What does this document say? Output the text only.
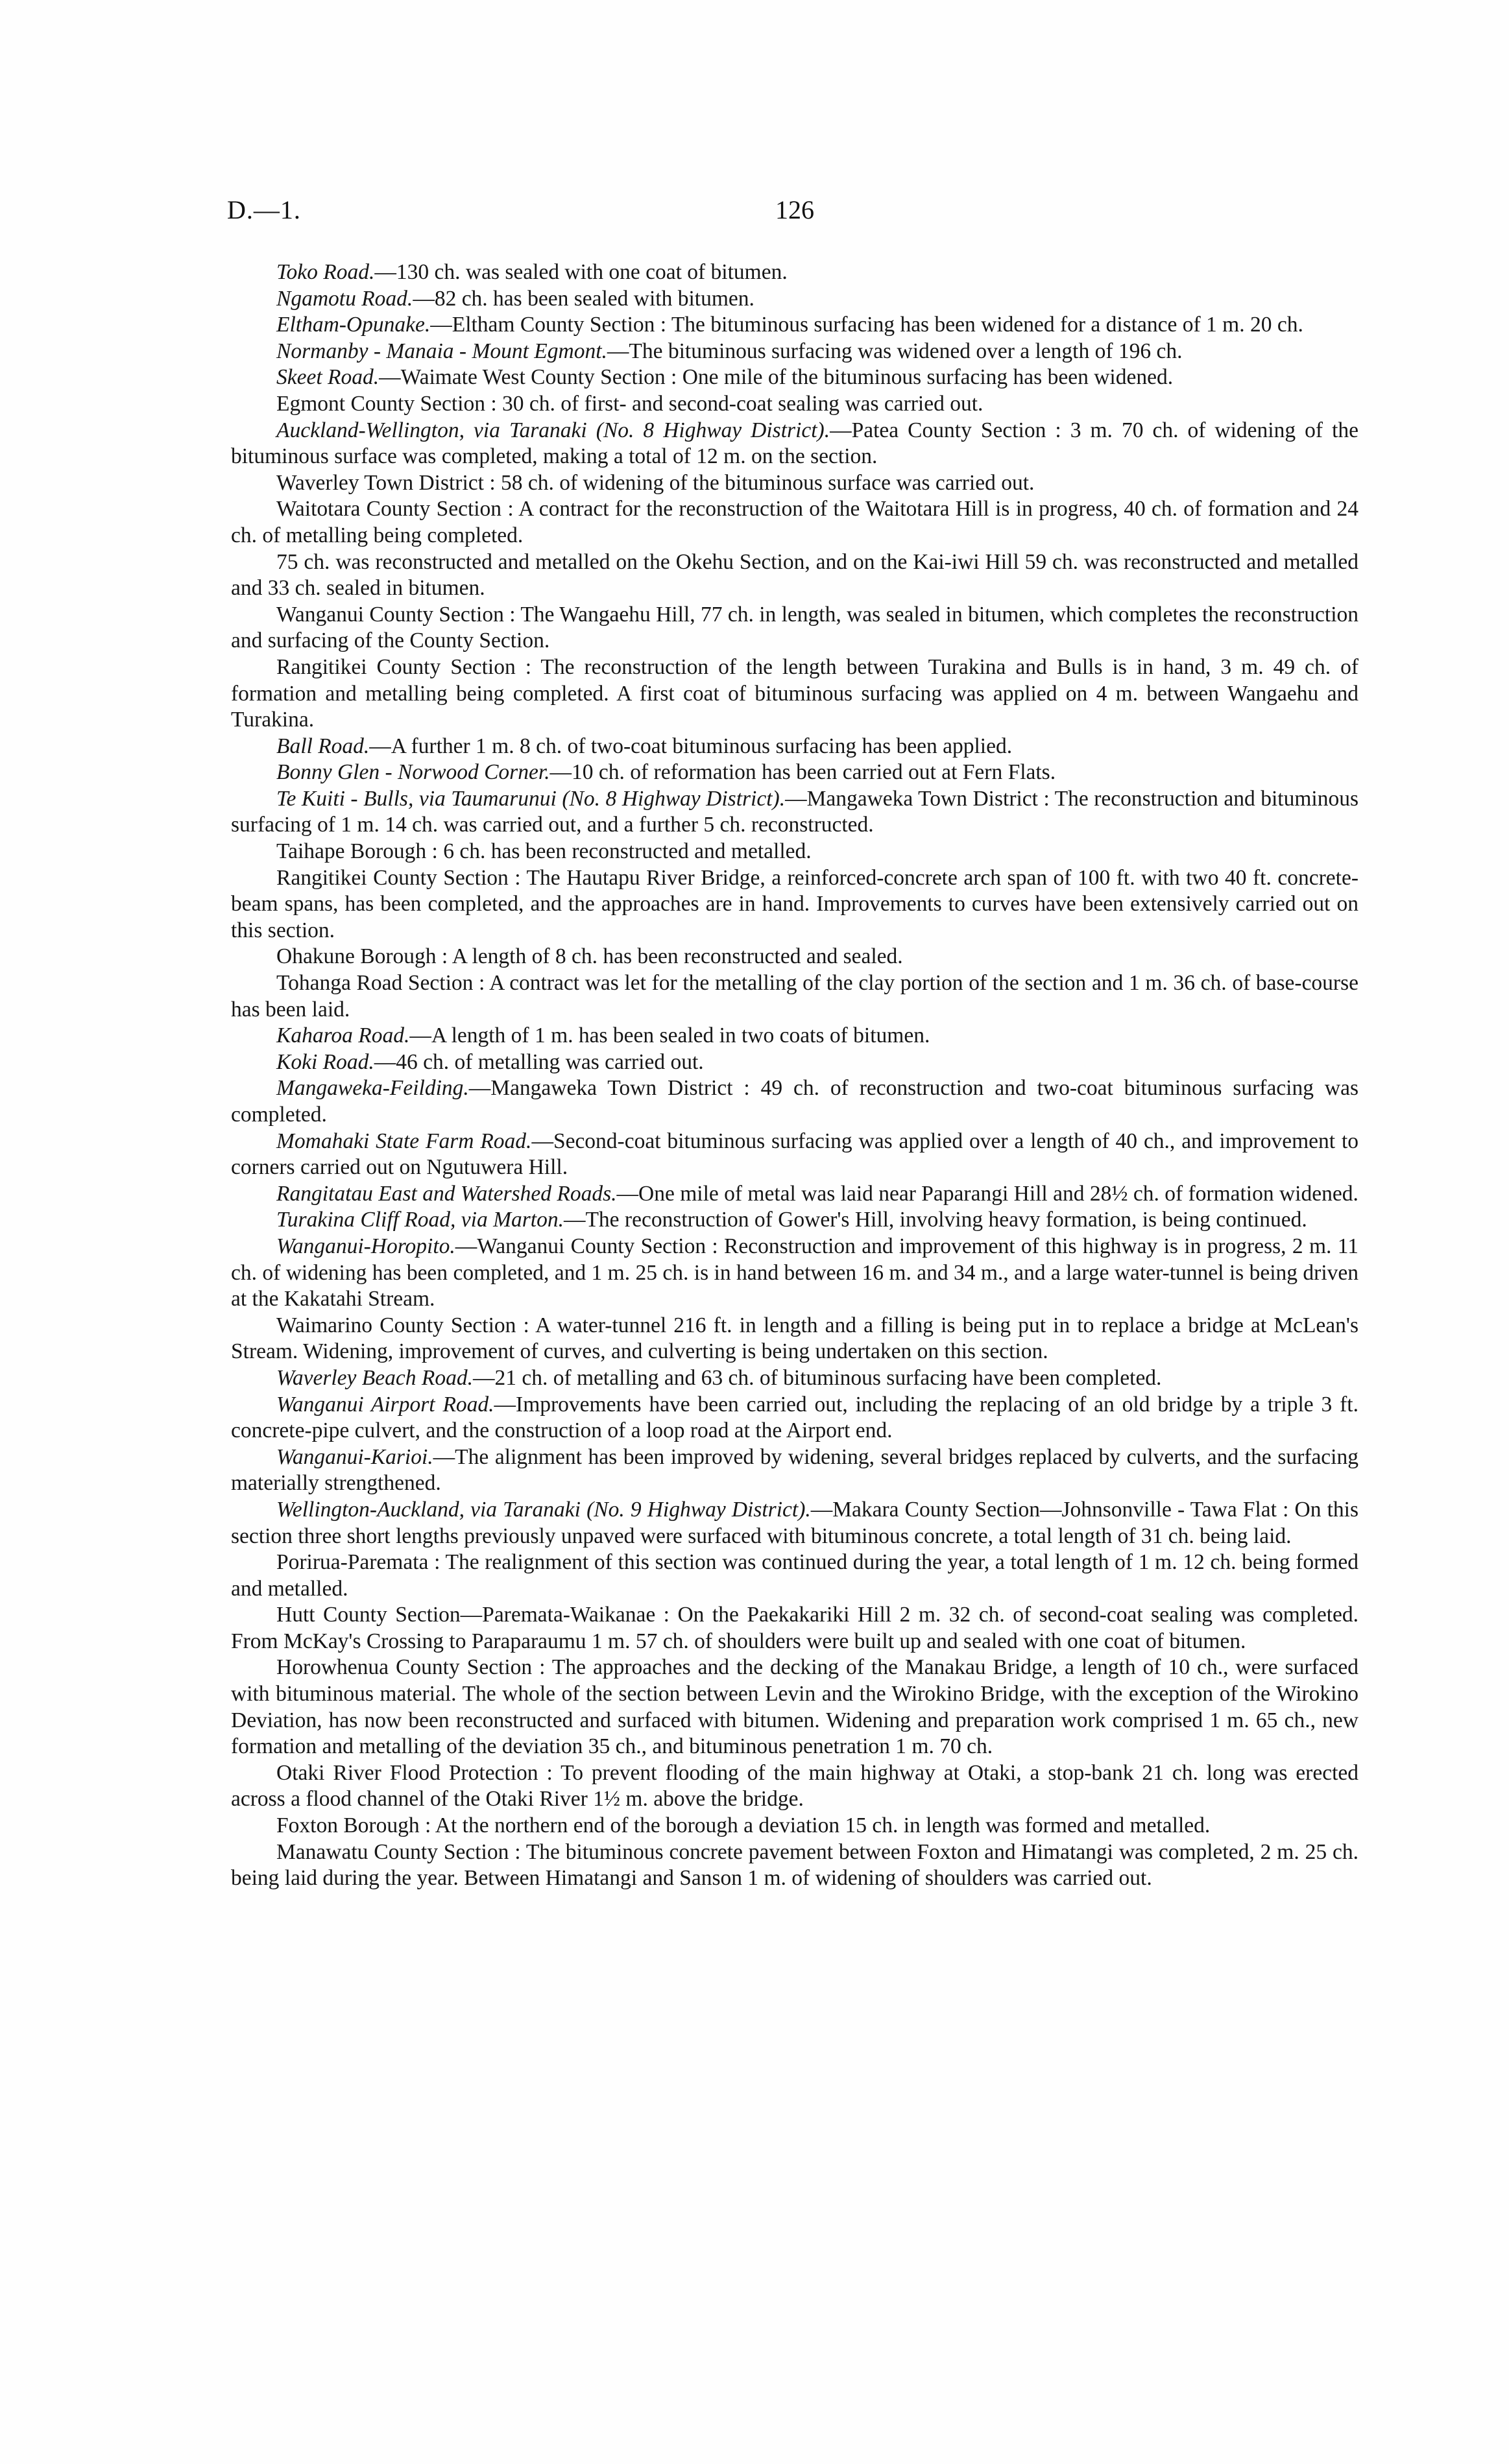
D.—1.	126

Toko Road.—130 ch. was sealed with one coat of bitumen.

Ngamotu Road.—82 ch. has been sealed with bitumen.

Eltham-Opunake.—Eltham County Section : The bituminous surfacing has been widened for a distance of 1 m. 20 ch.

Normanby - Manaia - Mount Egmont.—The bituminous surfacing was widened over a length of 196 ch.

Skeet Road.—Waimate West County Section : One mile of the bituminous surfacing has been widened.

Egmont County Section : 30 ch. of first- and second-coat sealing was carried out.

Auckland-Wellington, via Taranaki (No. 8 Highway District).—Patea County Section : 3 m. 70 ch. of widening of the bituminous surface was completed, making a total of 12 m. on the section.

Waverley Town District : 58 ch. of widening of the bituminous surface was carried out.

Waitotara County Section : A contract for the reconstruction of the Waitotara Hill is in progress, 40 ch. of formation and 24 ch. of metalling being completed.

75 ch. was reconstructed and metalled on the Okehu Section, and on the Kai-iwi Hill 59 ch. was reconstructed and metalled and 33 ch. sealed in bitumen.

Wanganui County Section : The Wangaehu Hill, 77 ch. in length, was sealed in bitumen, which completes the reconstruction and surfacing of the County Section.

Rangitikei County Section : The reconstruction of the length between Turakina and Bulls is in hand, 3 m. 49 ch. of formation and metalling being completed. A first coat of bituminous surfacing was applied on 4 m. between Wangaehu and Turakina.

Ball Road.—A further 1 m. 8 ch. of two-coat bituminous surfacing has been applied.

Bonny Glen - Norwood Corner.—10 ch. of reformation has been carried out at Fern Flats.

Te Kuiti - Bulls, via Taumarunui (No. 8 Highway District).—Mangaweka Town District : The reconstruction and bituminous surfacing of 1 m. 14 ch. was carried out, and a further 5 ch. reconstructed.

Taihape Borough : 6 ch. has been reconstructed and metalled.

Rangitikei County Section : The Hautapu River Bridge, a reinforced-concrete arch span of 100 ft. with two 40 ft. concrete-beam spans, has been completed, and the approaches are in hand. Improvements to curves have been extensively carried out on this section.

Ohakune Borough : A length of 8 ch. has been reconstructed and sealed.

Tohanga Road Section : A contract was let for the metalling of the clay portion of the section and 1 m. 36 ch. of base-course has been laid.

Kaharoa Road.—A length of 1 m. has been sealed in two coats of bitumen.

Koki Road.—46 ch. of metalling was carried out.

Mangaweka-Feilding.—Mangaweka Town District : 49 ch. of reconstruction and two-coat bituminous surfacing was completed.

Momahaki State Farm Road.—Second-coat bituminous surfacing was applied over a length of 40 ch., and improvement to corners carried out on Ngutuwera Hill.

Rangitatau East and Watershed Roads.—One mile of metal was laid near Paparangi Hill and 28½ ch. of formation widened.

Turakina Cliff Road, via Marton.—The reconstruction of Gower's Hill, involving heavy formation, is being continued.

Wanganui-Horopito.—Wanganui County Section : Reconstruction and improvement of this highway is in progress, 2 m. 11 ch. of widening has been completed, and 1 m. 25 ch. is in hand between 16 m. and 34 m., and a large water-tunnel is being driven at the Kakatahi Stream.

Waimarino County Section : A water-tunnel 216 ft. in length and a filling is being put in to replace a bridge at McLean's Stream. Widening, improvement of curves, and culverting is being undertaken on this section.

Waverley Beach Road.—21 ch. of metalling and 63 ch. of bituminous surfacing have been completed.

Wanganui Airport Road.—Improvements have been carried out, including the replacing of an old bridge by a triple 3 ft. concrete-pipe culvert, and the construction of a loop road at the Airport end.

Wanganui-Karioi.—The alignment has been improved by widening, several bridges replaced by culverts, and the surfacing materially strengthened.

Wellington-Auckland, via Taranaki (No. 9 Highway District).—Makara County Section—Johnsonville - Tawa Flat : On this section three short lengths previously unpaved were surfaced with bituminous concrete, a total length of 31 ch. being laid.

Porirua-Paremata : The realignment of this section was continued during the year, a total length of 1 m. 12 ch. being formed and metalled.

Hutt County Section—Paremata-Waikanae : On the Paekakariki Hill 2 m. 32 ch. of second-coat sealing was completed. From McKay's Crossing to Paraparaumu 1 m. 57 ch. of shoulders were built up and sealed with one coat of bitumen.

Horowhenua County Section : The approaches and the decking of the Manakau Bridge, a length of 10 ch., were surfaced with bituminous material. The whole of the section between Levin and the Wirokino Bridge, with the exception of the Wirokino Deviation, has now been reconstructed and surfaced with bitumen. Widening and preparation work comprised 1 m. 65 ch., new formation and metalling of the deviation 35 ch., and bituminous penetration 1 m. 70 ch.

Otaki River Flood Protection : To prevent flooding of the main highway at Otaki, a stop-bank 21 ch. long was erected across a flood channel of the Otaki River 1½ m. above the bridge.

Foxton Borough : At the northern end of the borough a deviation 15 ch. in length was formed and metalled.

Manawatu County Section : The bituminous concrete pavement between Foxton and Himatangi was completed, 2 m. 25 ch. being laid during the year. Between Himatangi and Sanson 1 m. of widening of shoulders was carried out.
